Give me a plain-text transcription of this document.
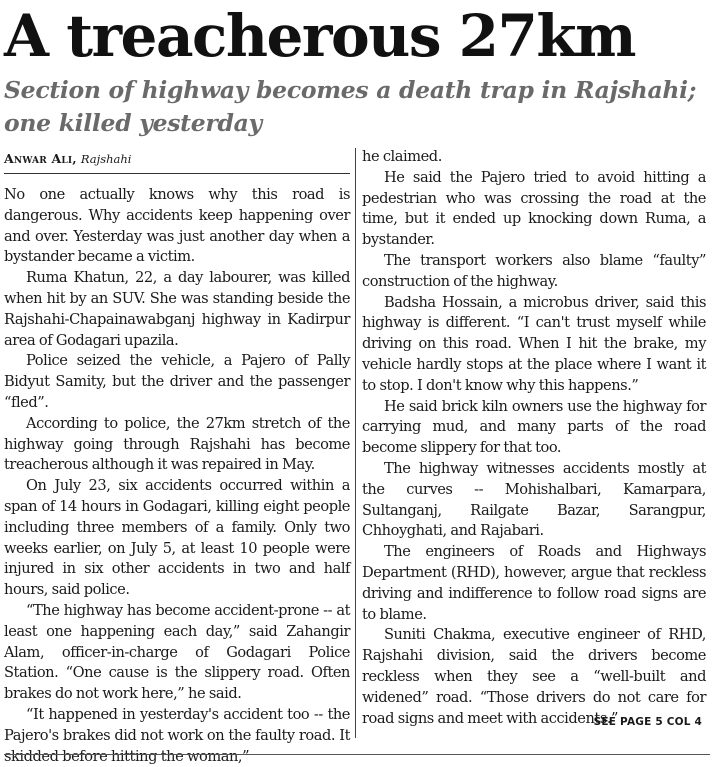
A treacherous 27km
Section of highway becomes a death trap in Rajshahi; one killed yesterday
Anwar Ali, Rajshahi

No one actually knows why this road is dangerous. Why accidents keep happening over and over. Yesterday was just another day when a bystander became a victim.

Ruma Khatun, 22, a day labourer, was killed when hit by an SUV. She was standing beside the Rajshahi-Chapainawabganj highway in Kadirpur area of Godagari upazila.

Police seized the vehicle, a Pajero of Pally Bidyut Samity, but the driver and the passenger “fled”.

According to police, the 27km stretch of the highway going through Rajshahi has become treacherous although it was repaired in May.

On July 23, six accidents occurred within a span of 14 hours in Godagari, killing eight people including three members of a family. Only two weeks earlier, on July 5, at least 10 people were injured in six other accidents in two and half hours, said police.

“The highway has become accident-prone -- at least one happening each day,” said Zahangir Alam, officer-in-charge of Godagari Police Station. “One cause is the slippery road. Often brakes do not work here,” he said.

“It happened in yesterday's accident too -- the Pajero's brakes did not work on the faulty road. It skidded before hitting the woman,”

he claimed.

He said the Pajero tried to avoid hitting a pedestrian who was crossing the road at the time, but it ended up knocking down Ruma, a bystander.

The transport workers also blame “faulty” construction of the highway.

Badsha Hossain, a microbus driver, said this highway is different. “I can't trust myself while driving on this road. When I hit the brake, my vehicle hardly stops at the place where I want it to stop. I don't know why this happens.”

He said brick kiln owners use the highway for carrying mud, and many parts of the road become slippery for that too.

The highway witnesses accidents mostly at the curves -- Mohishalbari, Kamarpara, Sultanganj, Railgate Bazar, Sarangpur, Chhoyghati, and Rajabari.

The engineers of Roads and Highways Department (RHD), however, argue that reckless driving and indifference to follow road signs are to blame.

Suniti Chakma, executive engineer of RHD, Rajshahi division, said the drivers become reckless when they see a “well-built and widened” road. “Those drivers do not care for road signs and meet with accidents.”

SEE PAGE 5 COL 4
